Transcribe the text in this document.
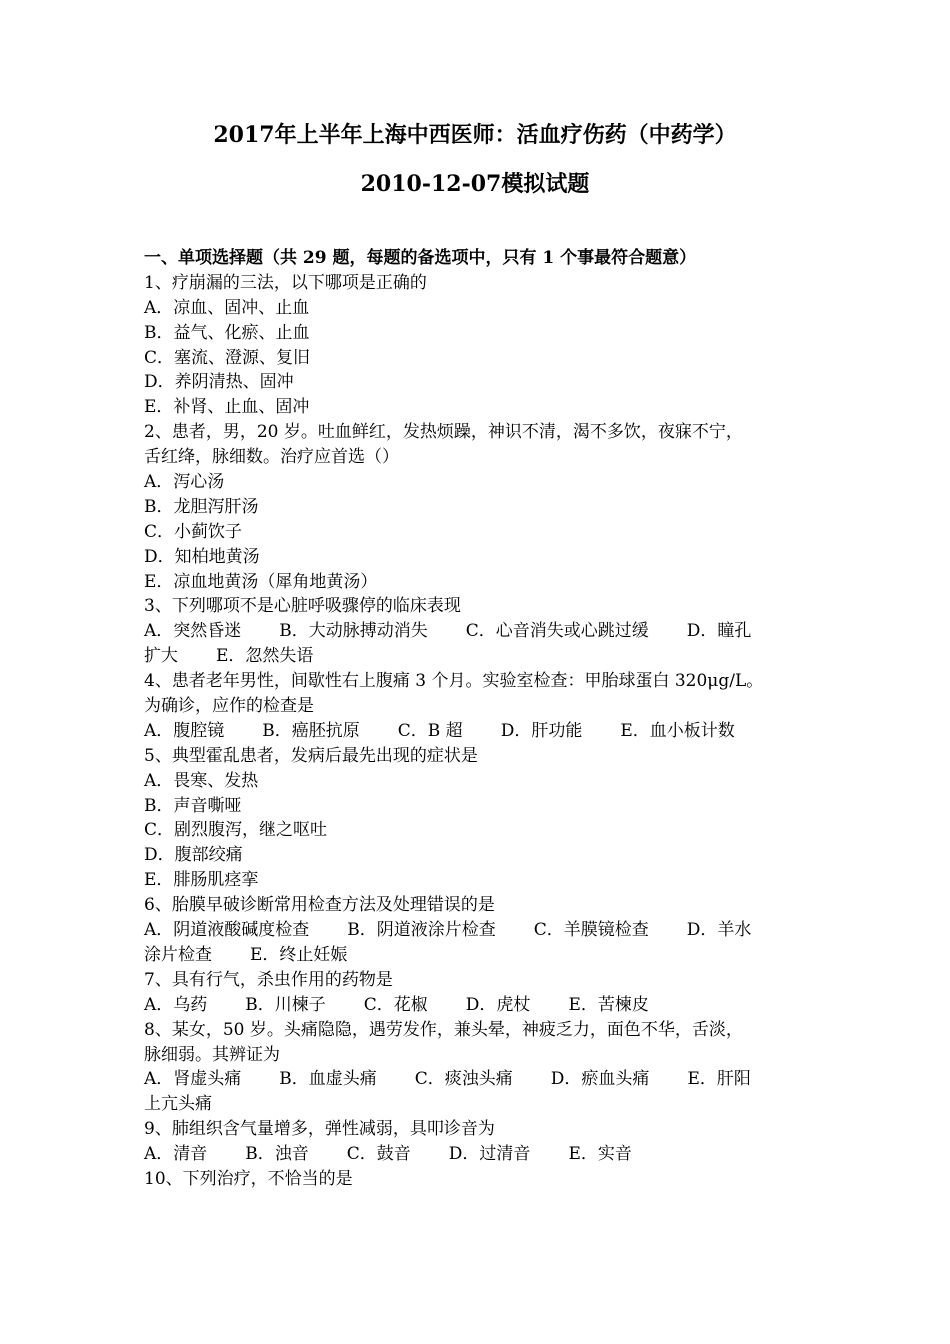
2017年上半年上海中西医师：活血疗伤药（中药学）
2010-12-07模拟试题
一、单项选择题（共 29 题，每题的备选项中，只有 1 个事最符合题意）
1、疗崩漏的三法，以下哪项是正确的
A．凉血、固冲、止血
B．益气、化瘀、止血
C．塞流、澄源、复旧
D．养阴清热、固冲
E．补肾、止血、固冲
2、患者，男，20 岁。吐血鲜红，发热烦躁，神识不清，渴不多饮，夜寐不宁，
舌红绛，脉细数。治疗应首选（）
A．泻心汤
B．龙胆泻肝汤
C．小蓟饮子
D．知柏地黄汤
E．凉血地黄汤（犀角地黄汤）
3、下列哪项不是心脏呼吸骤停的临床表现
A．突然昏迷 B．大动脉搏动消失 C．心音消失或心跳过缓 D．瞳孔
扩大 E．忽然失语
4、患者老年男性，间歇性右上腹痛 3 个月。实验室检查：甲胎球蛋白 320μg/L。
为确诊，应作的检查是
A．腹腔镜 B．癌胚抗原 C．B 超 D．肝功能 E．血小板计数
5、典型霍乱患者，发病后最先出现的症状是
A．畏寒、发热
B．声音嘶哑
C．剧烈腹泻，继之呕吐
D．腹部绞痛
E．腓肠肌痉挛
6、胎膜早破诊断常用检查方法及处理错误的是
A．阴道液酸碱度检查 B．阴道液涂片检查 C．羊膜镜检查 D．羊水
涂片检查 E．终止妊娠
7、具有行气，杀虫作用的药物是
A．乌药 B．川楝子 C．花椒 D．虎杖 E．苦楝皮
8、某女，50 岁。头痛隐隐，遇劳发作，兼头晕，神疲乏力，面色不华，舌淡，
脉细弱。其辨证为
A．肾虚头痛 B．血虚头痛 C．痰浊头痛 D．瘀血头痛 E．肝阳
上亢头痛
9、肺组织含气量增多，弹性减弱，具叩诊音为
A．清音 B．浊音 C．鼓音 D．过清音 E．实音
10、下列治疗，不恰当的是
